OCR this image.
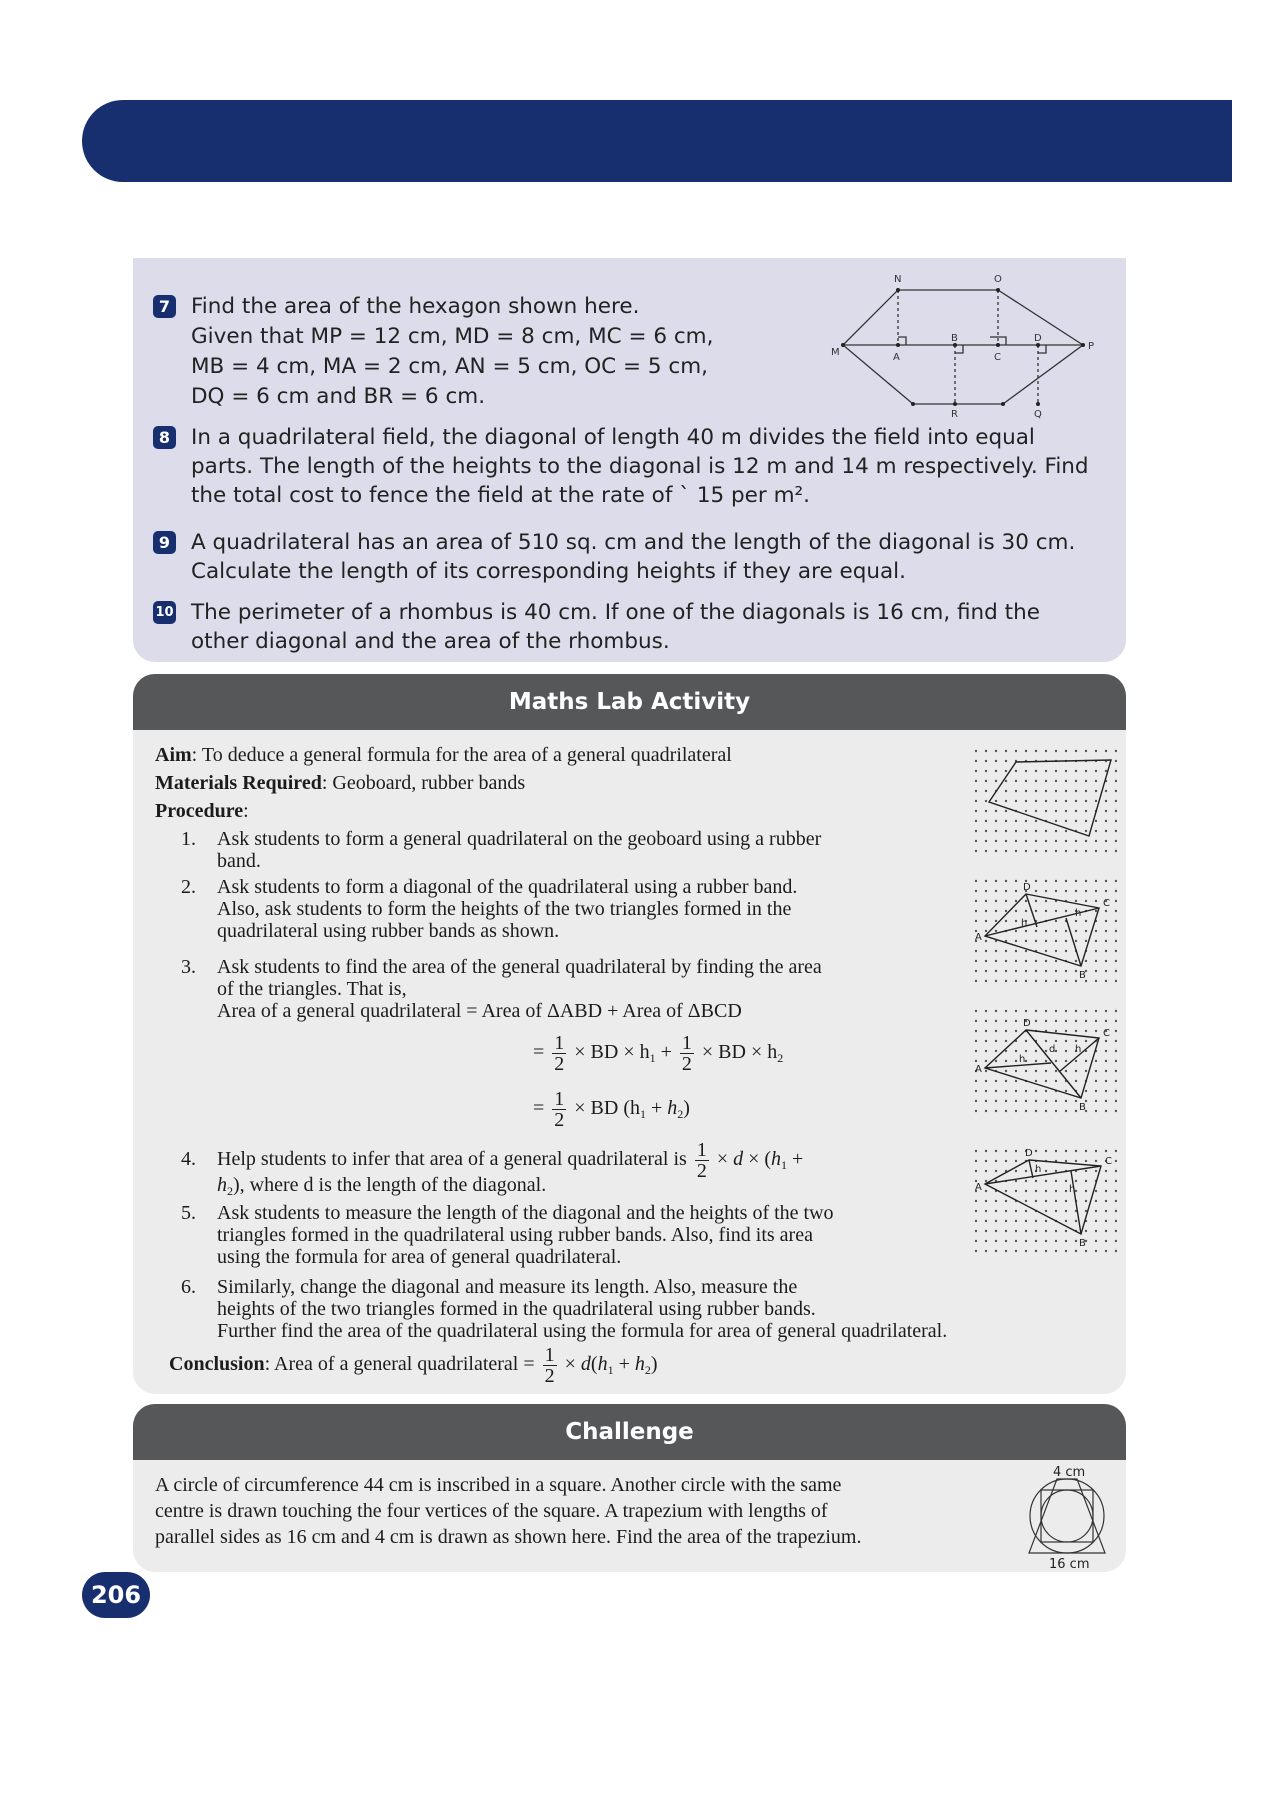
7 Find the area of the hexagon shown here.
Given that MP = 12 cm, MD = 8 cm, MC = 6 cm,
MB = 4 cm, MA = 2 cm, AN = 5 cm, OC = 5 cm,
DQ = 6 cm and BR = 6 cm.
N	O
M
P
A
B
C
D
R	Q
8 In a quadrilateral field, the diagonal of length 40 m divides the field into equal
parts. The length of the heights to the diagonal is 12 m and 14 m respectively. Find
the total cost to fence the field at the rate of ` 15 per m².
9 A quadrilateral has an area of 510 sq. cm and the length of the diagonal is 30 cm.
Calculate the length of its corresponding heights if they are equal.
10 The perimeter of a rhombus is 40 cm. If one of the diagonals is 16 cm, find the
other diagonal and the area of the rhombus.
Maths Lab Activity
Aim: To deduce a general formula for the area of a general quadrilateral
Materials Required: Geoboard, rubber bands
Procedure:
1. Ask students to form a general quadrilateral on the geoboard using a rubber
band.
2. Ask students to form a diagonal of the quadrilateral using a rubber band.
Also, ask students to form the heights of the two triangles formed in the
quadrilateral using rubber bands as shown.
3. Ask students to find the area of the general quadrilateral by finding the area
of the triangles. That is,
Area of a general quadrilateral = Area of ΔABD + Area of ΔBCD
= $\frac{1}{2}$ × BD × $h_1 + \frac{1}{2}$ × BD × $h_2$
= $\frac{1}{2}$ × BD $(h_1 + h_2)$
4. Help students to infer that area of a general quadrilateral is $\frac{1}{2} \times d \times (h_1$ +
$h_2$), where d is the length of the diagonal.
5. Ask students to measure the length of the diagonal and the heights of the two
triangles formed in the quadrilateral using rubber bands. Also, find its area
using the formula for area of general quadrilateral.
6. Similarly, change the diagonal and measure its length. Also, measure the
heights of the two triangles formed in the quadrilateral using rubber bands.
Further find the area of the quadrilateral using the formula for area of general quadrilateral.
Conclusion: Area of a general quadrilateral = $\frac{1}{2} \times d(h_1 + h_2)$
D
C
A
B
h
h
D
C
A
B
h
d h
D
C
A
B
h
h
Challenge
A circle of circumference 44 cm is inscribed in a square. Another circle with the same
centre is drawn touching the four vertices of the square. A trapezium with lengths of
parallel sides as 16 cm and 4 cm is drawn as shown here. Find the area of the trapezium.
4 cm
16 cm
206
